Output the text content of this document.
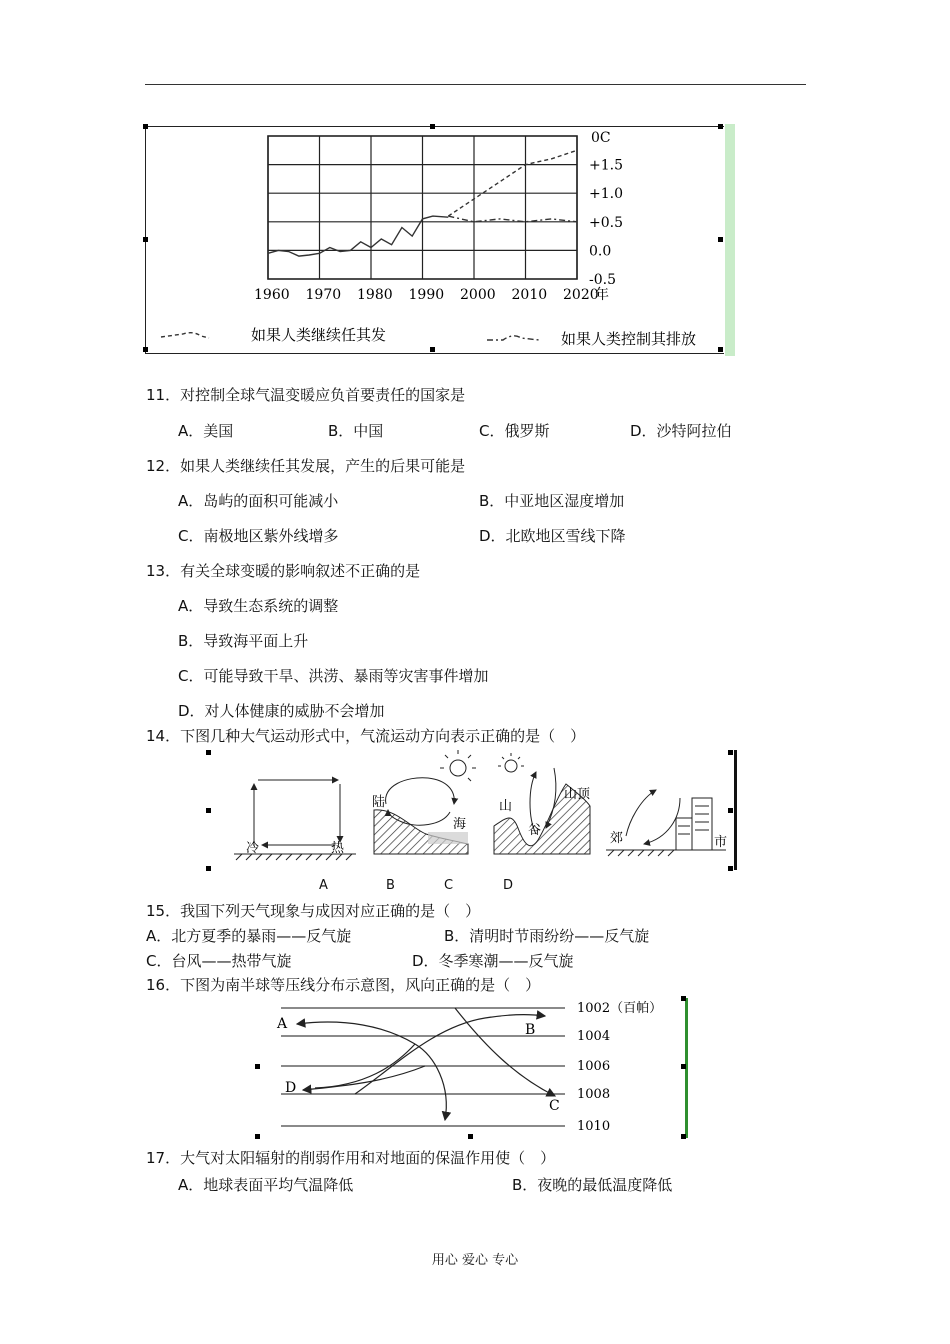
1960 1970 1980 1990 2000 2010 2020
年
0C
+1.5
+1.0
+0.5
0.0
-0.5
如果人类继续任其发	如果人类控制其排放
11．对控制全球气温变暖应负首要责任的国家是
A．美国	B．中国	C．俄罗斯	D．沙特阿拉伯
12．如果人类继续任其发展，产生的后果可能是
A．岛屿的面积可能减小	B．中亚地区湿度增加
C．南极地区紫外线增多	D．北欧地区雪线下降
13．有关全球变暖的影响叙述不正确的是
A．导致生态系统的调整
B．导致海平面上升
C．可能导致干旱、洪涝、暴雨等灾害事件增加
D．对人体健康的威胁不会增加
14．下图几种大气运动形式中，气流运动方向表示正确的是（　）
冷	热
陆
海
山
谷
山顶
郊	市
A	B	C	D
15．我国下列天气现象与成因对应正确的是（　）
A．北方夏季的暴雨——反气旋	B．清明时节雨纷纷——反气旋
C．台风——热带气旋	D．冬季寒潮——反气旋
16．下图为南半球等压线分布示意图，风向正确的是（　）
A	B
C
D
1002（百帕）
1004
1006
1008
1010
17．大气对太阳辐射的削弱作用和对地面的保温作用使（　）
A．地球表面平均气温降低	B．夜晚的最低温度降低
用心 爱心 专心
